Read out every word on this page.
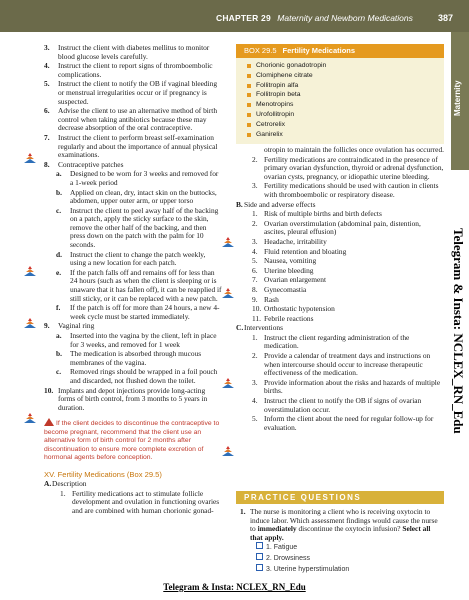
CHAPTER 29 Maternity and Newborn Medications	387
Maternity
3. Instruct the client with diabetes mellitus to monitor blood glucose levels carefully.
4. Instruct the client to report signs of thromboembolic complications.
5. Instruct the client to notify the OB if vaginal bleeding or menstrual irregularities occur or if pregnancy is suspected.
6. Advise the client to use an alternative method of birth control when taking antibiotics because these may decrease absorption of the oral contraceptive.
7. Instruct the client to perform breast self-examination regularly and about the importance of annual physical examinations.
8. Contraceptive patches
a. Designed to be worn for 3 weeks and removed for a 1-week period
b. Applied on clean, dry, intact skin on the buttocks, abdomen, upper outer arm, or upper torso
c. Instruct the client to peel away half of the backing on a patch, apply the sticky surface to the skin, remove the other half of the backing, and then press down on the patch with the palm for 10 seconds.
d. Instruct the client to change the patch weekly, using a new location for each patch.
e. If the patch falls off and remains off for less than 24 hours (such as when the client is sleeping or is unaware that it has fallen off), it can be reapplied if still sticky, or it can be replaced with a new patch.
f. If the patch is off for more than 24 hours, a new 4-week cycle must be started immediately.
9. Vaginal ring
a. Inserted into the vagina by the client, left in place for 3 weeks, and removed for 1 week
b. The medication is absorbed through mucous membranes of the vagina.
c. Removed rings should be wrapped in a foil pouch and discarded, not flushed down the toilet.
10. Implants and depot injections provide long-acting forms of birth control, from 3 months to 5 years in duration.
If the client decides to discontinue the contraceptive to become pregnant, recommend that the client use an alternative form of birth control for 2 months after discontinuation to ensure more complete excretion of hormonal agents before conception.
XV. Fertility Medications (Box 29.5)
A. Description
1. Fertility medications act to stimulate follicle development and ovulation in functioning ovaries and are combined with human chorionic gonad-
BOX 29.5 Fertility Medications
Chorionic gonadotropin
Clomiphene citrate
Follitropin alfa
Follitropin beta
Menotropins
Urofollitropin
Cetrorelix
Ganirelix
otropin to maintain the follicles once ovulation has occurred.
2. Fertility medications are contraindicated in the presence of primary ovarian dysfunction, thyroid or adrenal dysfunction, ovarian cysts, pregnancy, or idiopathic uterine bleeding.
3. Fertility medications should be used with caution in clients with thromboembolic or respiratory disease.
B. Side and adverse effects
1. Risk of multiple births and birth defects
2. Ovarian overstimulation (abdominal pain, distention, ascites, pleural effusion)
3. Headache, irritability
4. Fluid retention and bloating
5. Nausea, vomiting
6. Uterine bleeding
7. Ovarian enlargement
8. Gynecomastia
9. Rash
10. Orthostatic hypotension
11. Febrile reactions
C. Interventions
1. Instruct the client regarding administration of the medication.
2. Provide a calendar of treatment days and instructions on when intercourse should occur to increase therapeutic effectiveness of the medication.
3. Provide information about the risks and hazards of multiple births.
4. Instruct the client to notify the OB if signs of ovarian overstimulation occur.
5. Inform the client about the need for regular follow-up for evaluation.
PRACTICE QUESTIONS
1. The nurse is monitoring a client who is receiving oxytocin to induce labor. Which assessment findings would cause the nurse to immediately discontinue the oxytocin infusion? Select all that apply.
1. Fatigue
2. Drowsiness
3. Uterine hyperstimulation
Telegram & Insta: NCLEX_RN_Edu
Telegram & Insta: NCLEX_RN_Edu
